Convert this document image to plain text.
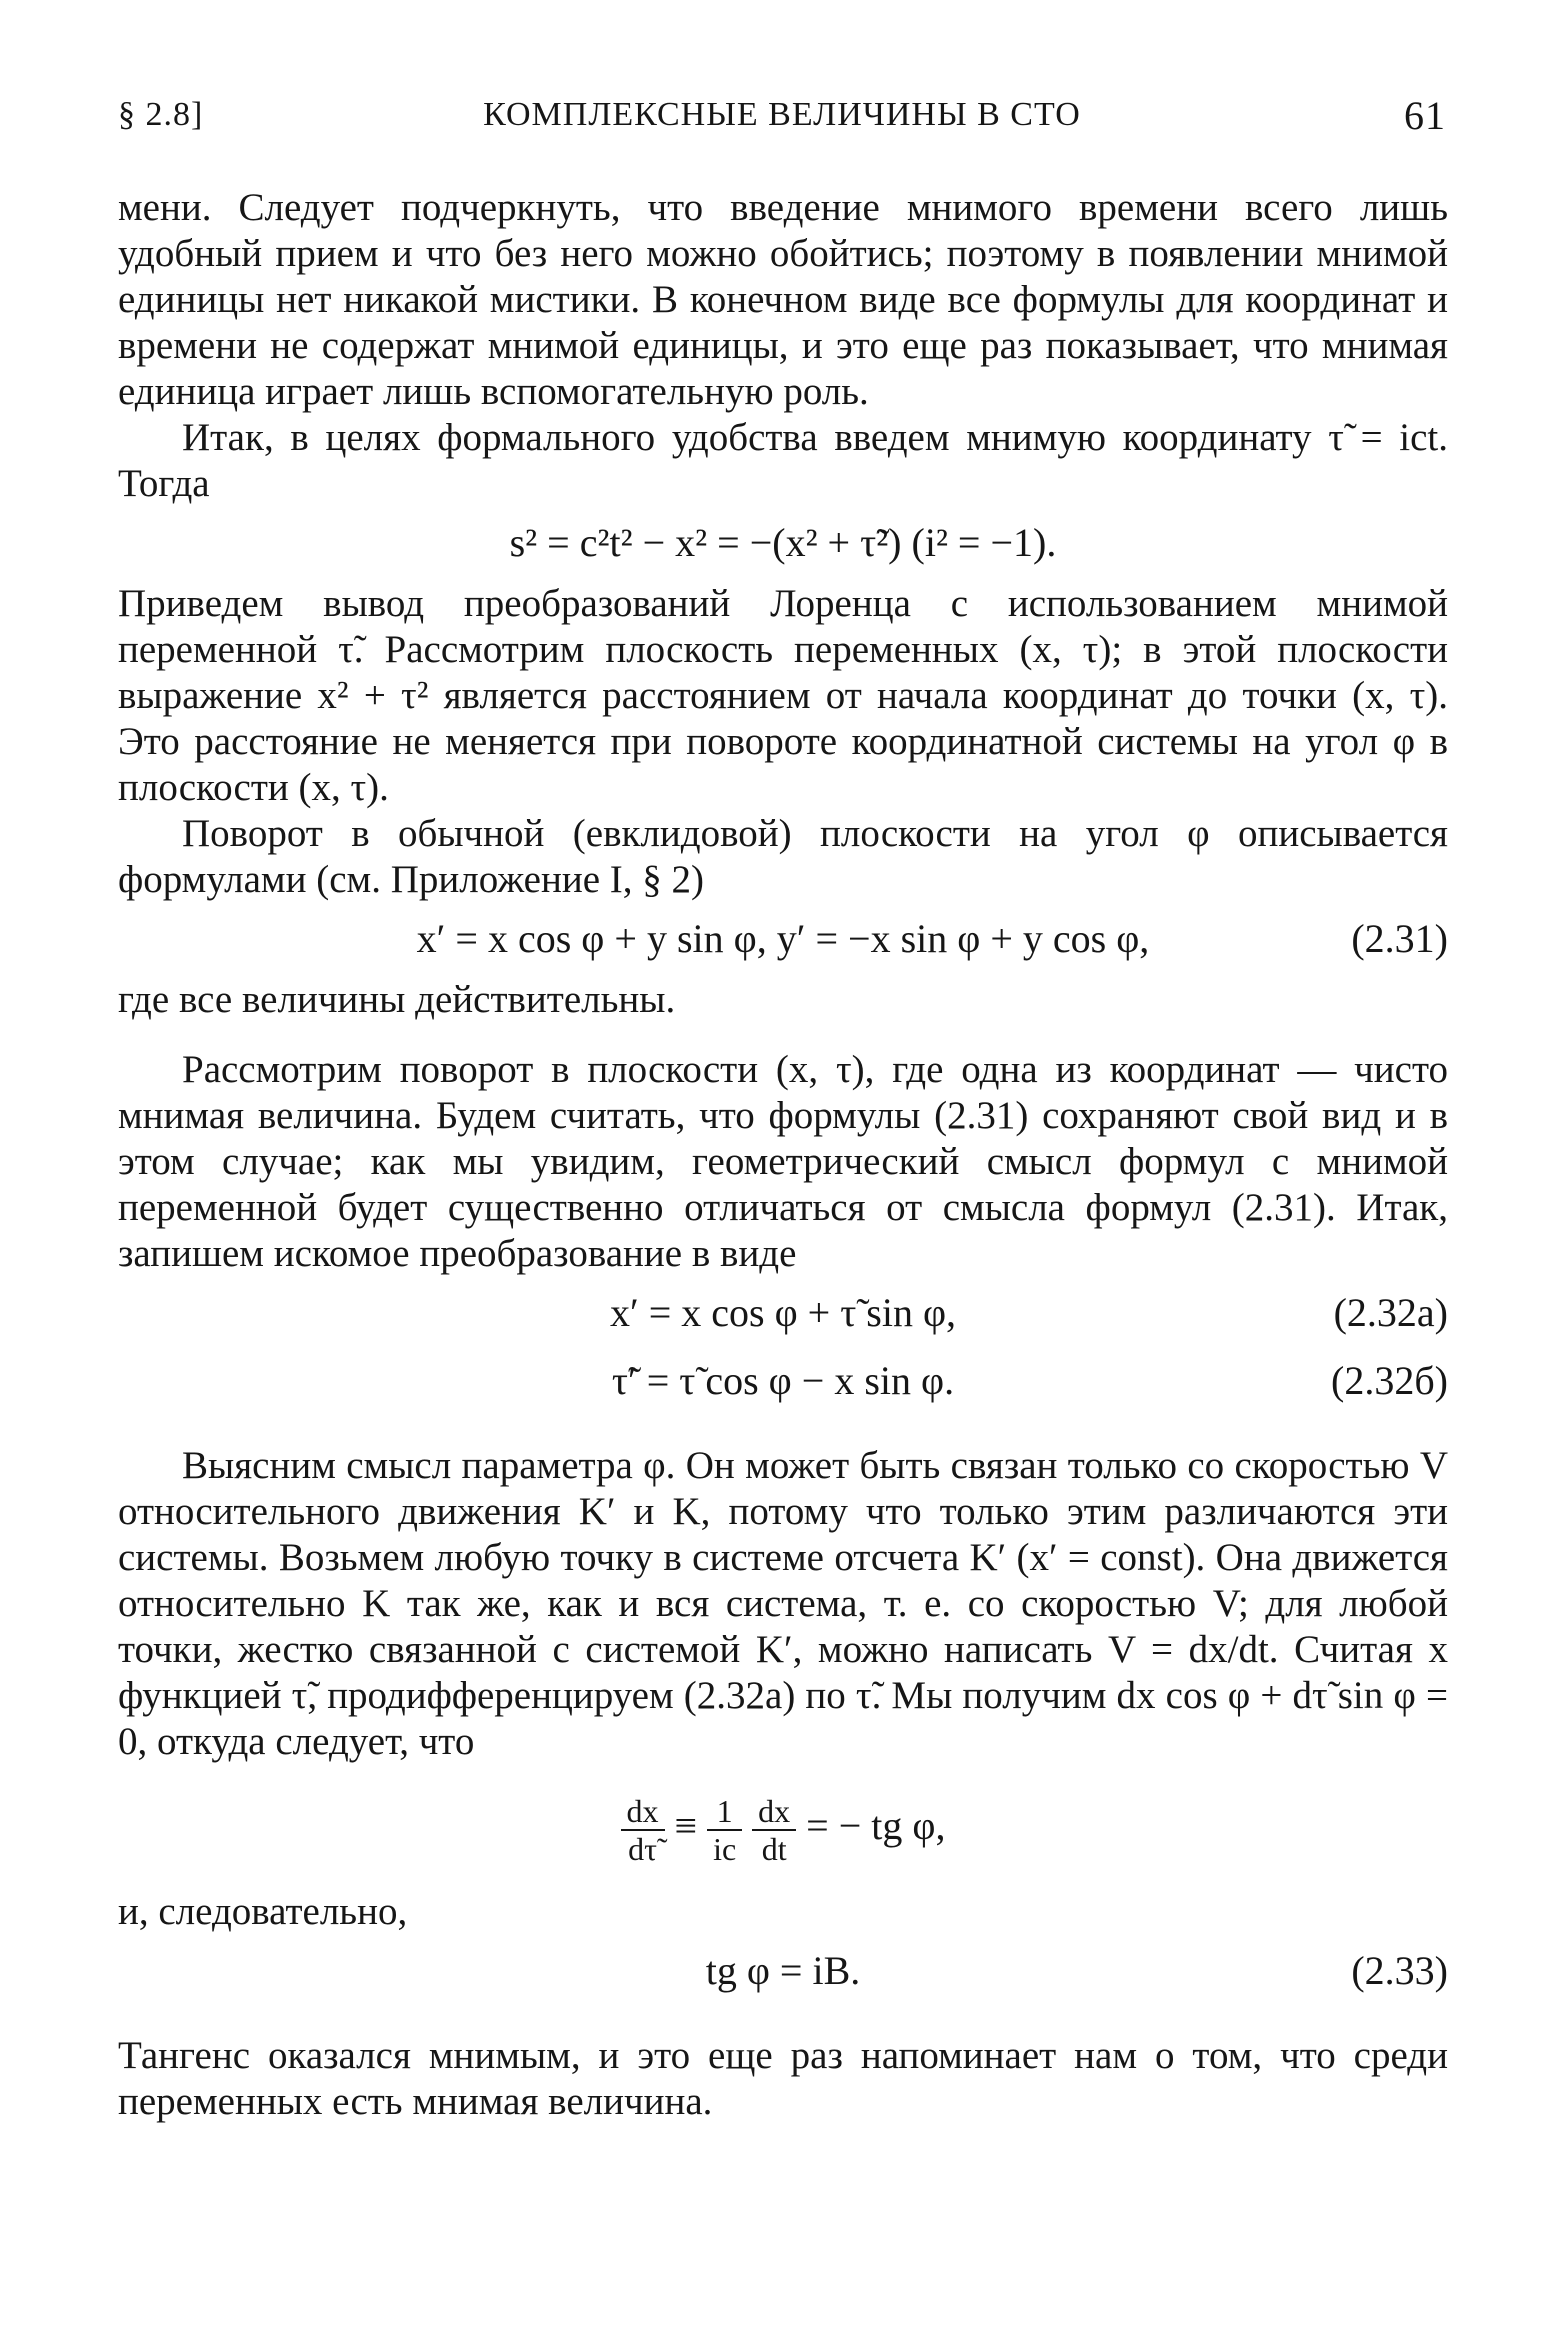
§ 2.8]	КОМПЛЕКСНЫЕ ВЕЛИЧИНЫ В СТО	61

мени. Следует подчеркнуть, что введение мнимого времени всего лишь удобный прием и что без него можно обойтись; поэтому в появлении мнимой единицы нет никакой мистики. В конечном виде все формулы для координат и времени не содержат мнимой единицы, и это еще раз показывает, что мнимая единица играет лишь вспомогательную роль.

Итак, в целях формального удобства введем мнимую координату τ̃ = ict. Тогда

s² = c²t² − x² = −(x² + τ̃²) (i² = −1).

Приведем вывод преобразований Лоренца с использованием мнимой переменной τ̃. Рассмотрим плоскость переменных (x, τ); в этой плоскости выражение x² + τ² является расстоянием от начала координат до точки (x, τ). Это расстояние не меняется при повороте координатной системы на угол φ в плоскости (x, τ).

Поворот в обычной (евклидовой) плоскости на угол φ описывается формулами (см. Приложение I, § 2)

x′ = x cos φ + y sin φ, y′ = −x sin φ + y cos φ,	(2.31)

где все величины действительны.

Рассмотрим поворот в плоскости (x, τ), где одна из координат — чисто мнимая величина. Будем считать, что формулы (2.31) сохраняют свой вид и в этом случае; как мы увидим, геометрический смысл формул с мнимой переменной будет существенно отличаться от смысла формул (2.31). Итак, запишем искомое преобразование в виде

x′ = x cos φ + τ̃ sin φ,	(2.32а)
τ̃′ = τ̃ cos φ − x sin φ.	(2.32б)

Выясним смысл параметра φ. Он может быть связан только со скоростью V относительного движения K′ и K, потому что только этим различаются эти системы. Возьмем любую точку в системе отсчета K′ (x′ = const). Она движется относительно K так же, как и вся система, т. е. со скоростью V; для любой точки, жестко связанной с системой K′, можно написать V = dx/dt. Считая x функцией τ̃, продифференцируем (2.32а) по τ̃. Мы получим dx cos φ + dτ̃ sin φ = 0, откуда следует, что

$\frac{dx}{d\taũ} \equiv \frac{1}{ic}$
$\frac{dx}{dt}$ = − tg φ,

и, следовательно,

tg φ = iB.	(2.33)

Тангенс оказался мнимым, и это еще раз напоминает нам о том, что среди переменных есть мнимая величина.
